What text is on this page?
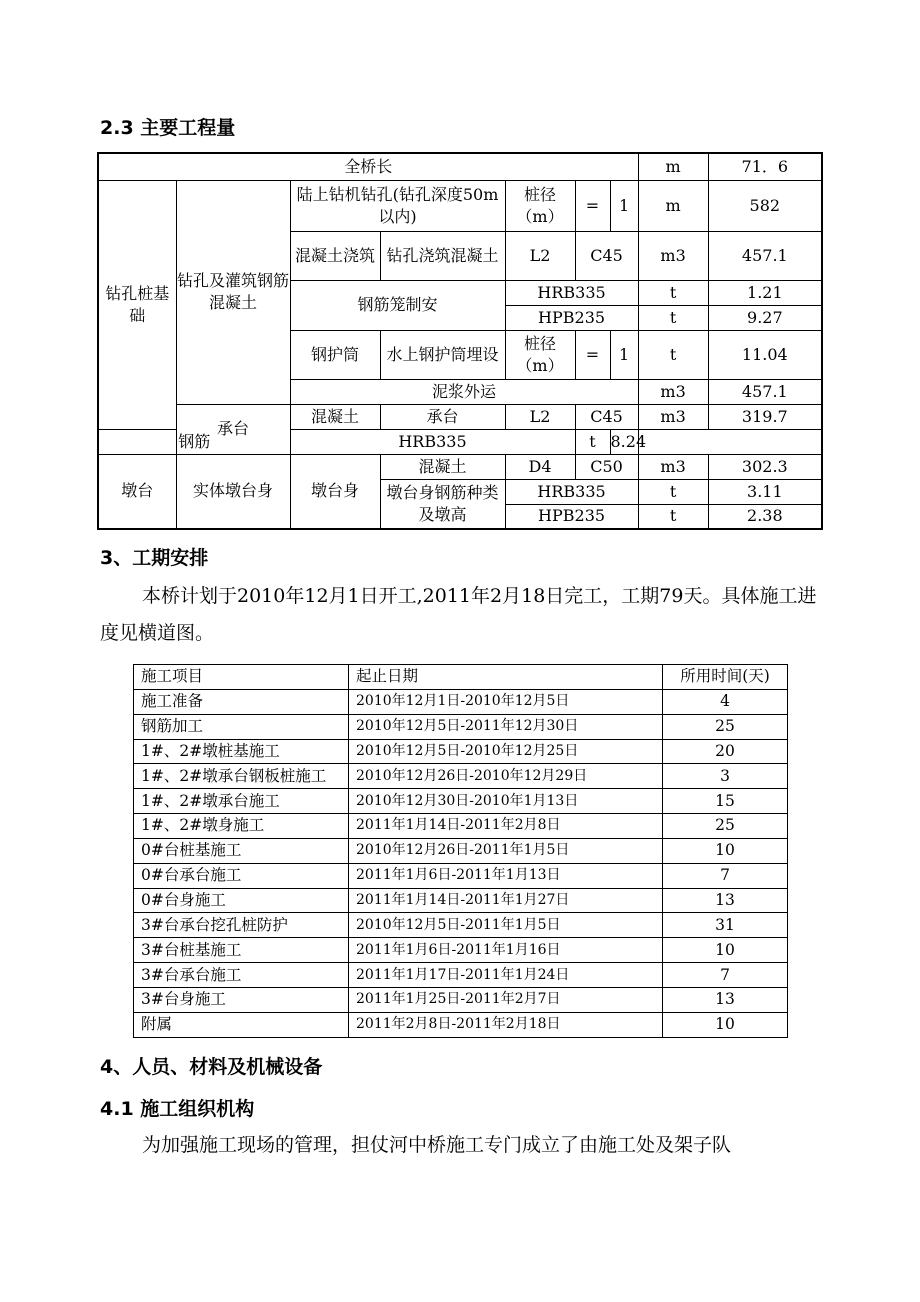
2.3 主要工程量
全桥长							m	71．6
钻孔桩基础	钻孔及灌筑钢筋混凝土	陆上钻机钻孔(钻孔深度50m以内)		桩径（m）	=	1	m	582
		混凝土浇筑	钻孔浇筑混凝土	L2	C45		m3	457.1
		钢筋笼制安		HRB335			t	1.21
				HPB235			t	9.27
		钢护筒	水上钢护筒埋设	桩径（m）	=	1	t	11.04
		泥浆外运					m3	457.1
	承台	混凝土	承台	L2	C45		m3	319.7
钢筋		HRB335			t	8.24		
墩台	实体墩台身	墩台身	混凝土	D4	C50		m3	302.3
			墩台身钢筋种类及墩高	HRB335			t	3.11
				HPB235			t	2.38
3、工期安排

本桥计划于2010年12月1日开工,2011年2月18日完工，工期79天。具体施工进度见横道图。

施工项目	起止日期	所用时间(天)
施工准备	2010年12月1日-2010年12月5日	4
钢筋加工	2010年12月5日-2011年12月30日	25
1#、2#墩桩基施工	2010年12月5日-2010年12月25日	20
1#、2#墩承台钢板桩施工	2010年12月26日-2010年12月29日	3
1#、2#墩承台施工	2010年12月30日-2010年1月13日	15
1#、2#墩身施工	2011年1月14日-2011年2月8日	25
0#台桩基施工	2010年12月26日-2011年1月5日	10
0#台承台施工	2011年1月6日-2011年1月13日	7
0#台身施工	2011年1月14日-2011年1月27日	13
3#台承台挖孔桩防护	2010年12月5日-2011年1月5日	31
3#台桩基施工	2011年1月6日-2011年1月16日	10
3#台承台施工	2011年1月17日-2011年1月24日	7
3#台身施工	2011年1月25日-2011年2月7日	13
附属	2011年2月8日-2011年2月18日	10
4、人员、材料及机械设备
4.1 施工组织机构

为加强施工现场的管理，担仗河中桥施工专门成立了由施工处及架子队
